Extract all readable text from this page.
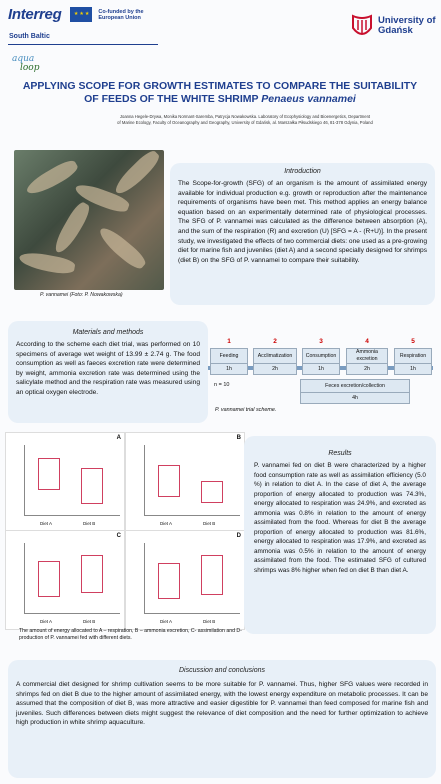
Interreg ★★★	Co-funded by the European Union
South Baltic
aqua
loop
University of Gdańsk
APPLYING SCOPE FOR GROWTH ESTIMATES TO COMPARE THE SUITABILITY OF FEEDS OF THE WHITE SHRIMP Penaeus vannamei
Joanna Hegele-Drywa, Monika Normant-Saremba, Patrycja Nowakowska. Laboratory of Ecophysiology and Bioenergetics, Department
of Marine Ecology, Faculty of Oceanography and Geography, University of Gdańsk, al. Marszałka Piłsudskiego 46, 81-378 Gdynia, Poland
P. vannamei (Foto: P. Nowakowska)
Introduction
The Scope-for-growth (SFG) of an organism is the amount of assimilated energy available for individual production e.g. growth or reproduction after the maintenance requirements of organisms have been met. This method applies an energy balance equation based on an experimentally determined rate of physiological processes. The SFG of P. vannamei was calculated as the difference between absorption (A), and the sum of the respiration (R) and excretion (U) [SFG = A - (R+U)]. In the present study, we investigated the effects of two commercial diets: one used as a pre-growing diet for marine fish and juveniles (diet A) and a second specially designed for shrimps (diet B) on the SFG of P. vannamei to compare their suitability.
Materials and methods
According to the scheme each diet trial, was performed on 10 specimens of average wet weight of 13.99 ± 2.74 g. The food consumption as well as faeces excretion rate were determined by weight, ammonia excretion rate was determined using the salicylate method and the respiration rate was measured using an optical oxygen electrode.
1
Feeding
1h
2
Acclimatization
2h
3
Consumption
1h
4
Ammonia excretion
2h
5
Respiration
1h
Feces excretion/collection
4h
n = 10
P. vannamei trial scheme.
A
Diet A	Diet B
B
Diet A	Diet B
C
Diet A	Diet B
D
Diet A	Diet B
The amount of energy allocated to A – respiration, B – ammonia excretion, C- assimilation and D- production of P. vannamei fed with different diets.
Results
P. vannamei fed on diet B were characterized by a higher food consumption rate as well as assimilation efficiency (5.0 %) in relation to diet A. In the case of diet A, the average proportion of energy allocated to production was 74.3%, energy allocated to respiration was 24.9%, and excreted as ammonia was 0.8% in relation to the amount of energy assimilated from the food. Whereas for diet B the average proportion of energy allocated to production was 81.6%, energy allocated to respiration was 17.9%, and excreted as ammonia was 0.5% in relation to the amount of energy assimilated from the food. The estimated SFG of cultured shrimps was 8% higher when fed on diet B than diet A.
Discussion and conclusions
A commercial diet designed for shrimp cultivation seems to be more suitable for P. vannamei. Thus, higher SFG values were recorded in shrimps fed on diet B due to the higher amount of assimilated energy, with the lowest energy expenditure on metabolic processes. It can be assumed that the composition of diet B, was more attractive and easier digestible for P. vannamei than feed composed for marine fish and juveniles. Such differences between diets might suggest the relevance of diet composition and the need for further optimization to achieve high production in white shrimp aquaculture.
